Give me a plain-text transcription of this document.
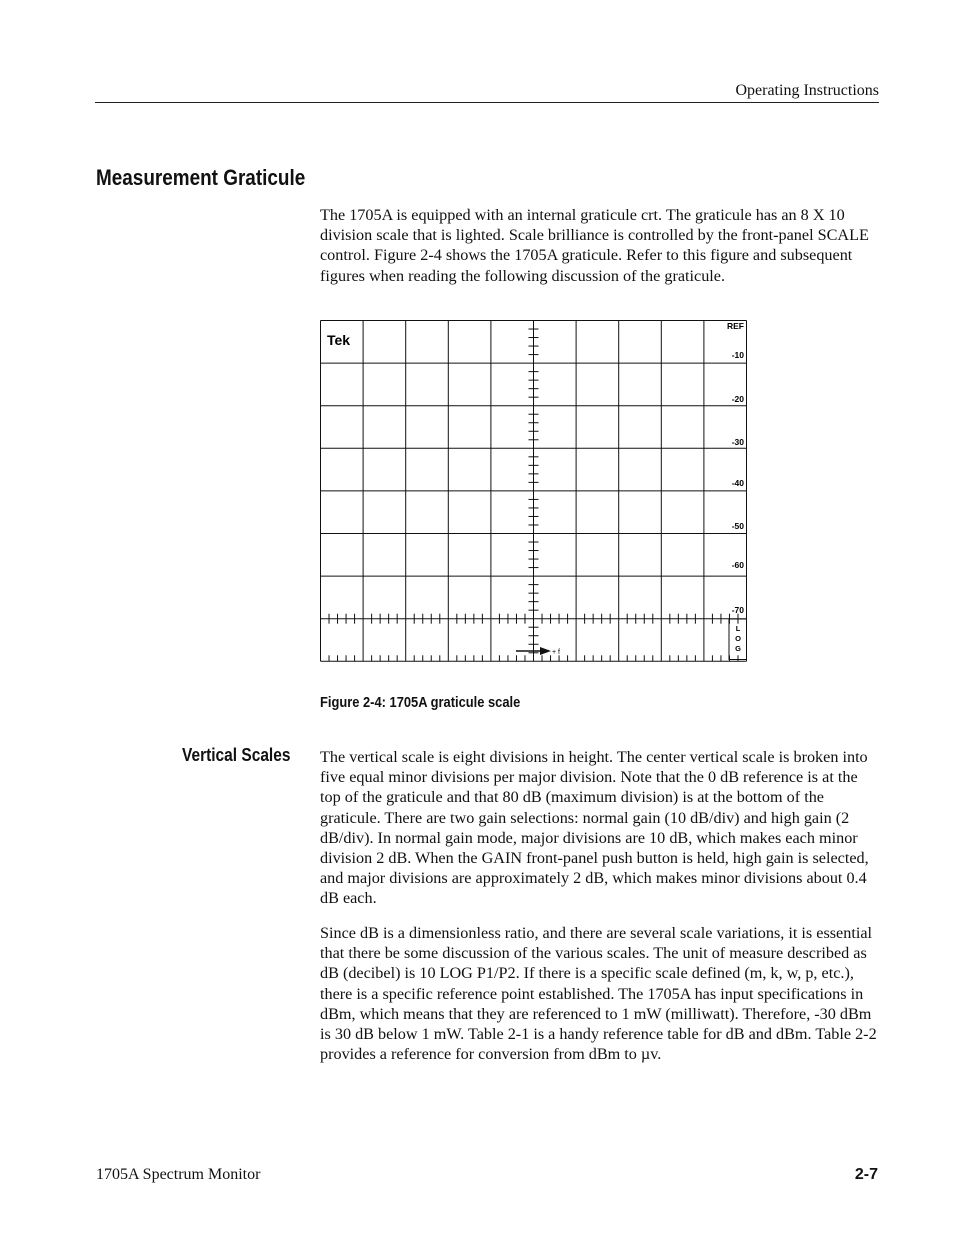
Operating Instructions
Measurement Graticule

The 1705A is equipped with an internal graticule crt. The graticule has an 8 X 10 division scale that is lighted. Scale brilliance is controlled by the front-panel SCALE control. Figure 2-4 shows the 1705A graticule. Refer to this figure and subsequent figures when reading the following discussion of the graticule.

Tek
REF
-10
-20
-30
-40
-50
-60
-70
L
O
G
+ f

Figure 2-4: 1705A graticule scale

Vertical Scales The vertical scale is eight divisions in height. The center vertical scale is broken into five equal minor divisions per major division. Note that the 0 dB reference is at the top of the graticule and that 80 dB (maximum division) is at the bottom of the graticule. There are two gain selections: normal gain (10 dB/div) and high gain (2 dB/div). In normal gain mode, major divisions are 10 dB, which makes each minor division 2 dB. When the GAIN front-panel push button is held, high gain is selected, and major divisions are approximately 2 dB, which makes minor divisions about 0.4 dB each.

Since dB is a dimensionless ratio, and there are several scale variations, it is essential that there be some discussion of the various scales. The unit of measure described as dB (decibel) is 10 LOG P1/P2. If there is a specific scale defined (m, k, w, p, etc.), there is a specific reference point established. The 1705A has input specifications in dBm, which means that they are referenced to 1 mW (milliwatt). Therefore, -30 dBm is 30 dB below 1 mW. Table 2-1 is a handy reference table for dB and dBm. Table 2-2 provides a reference for conversion from dBm to µv.

1705A Spectrum Monitor	2-7
